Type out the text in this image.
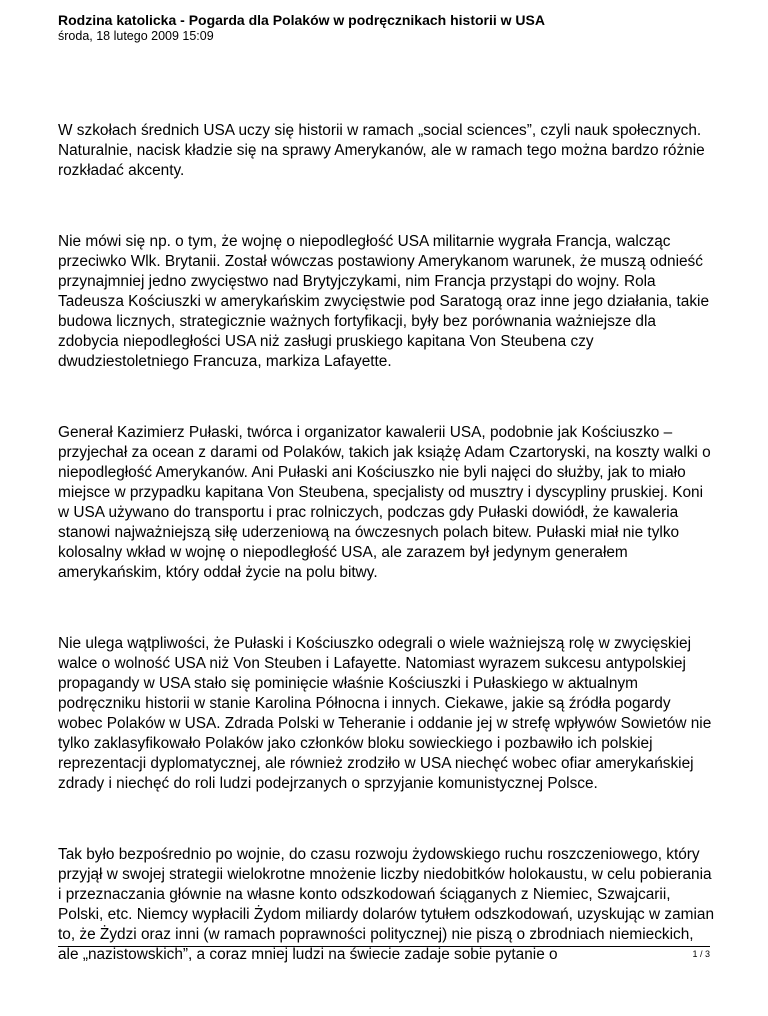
Rodzina katolicka - Pogarda dla Polaków w podręcznikach historii w USA
środa, 18 lutego 2009 15:09

W szkołach średnich USA uczy się historii w ramach „social sciences”, czyli nauk społecznych. Naturalnie, nacisk kładzie się na sprawy Amerykanów, ale w ramach tego można bardzo różnie rozkładać akcenty.

Nie mówi się np. o tym, że wojnę o niepodległość USA militarnie wygrała Francja, walcząc przeciwko Wlk. Brytanii. Został wówczas postawiony Amerykanom warunek, że muszą odnieść przynajmniej jedno zwycięstwo nad Brytyjczykami, nim Francja przystąpi do wojny. Rola Tadeusza Kościuszki w amerykańskim zwycięstwie pod Saratogą oraz inne jego działania, takie budowa licznych, strategicznie ważnych fortyfikacji, były bez porównania ważniejsze dla zdobycia niepodległości USA niż zasługi pruskiego kapitana Von Steubena czy dwudziestoletniego Francuza, markiza Lafayette.

Generał Kazimierz Pułaski, twórca i organizator kawalerii USA, podobnie jak Kościuszko – przyjechał za ocean z darami od Polaków, takich jak książę Adam Czartoryski, na koszty walki o niepodległość Amerykanów. Ani Pułaski ani Kościuszko nie byli najęci do służby, jak to miało miejsce w przypadku kapitana Von Steubena, specjalisty od musztry i dyscypliny pruskiej. Koni w USA używano do transportu i prac rolniczych, podczas gdy Pułaski dowiódł, że kawaleria stanowi najważniejszą siłę uderzeniową na ówczesnych polach bitew. Pułaski miał nie tylko kolosalny wkład w wojnę o niepodległość USA, ale zarazem był jedynym generałem amerykańskim, który oddał życie na polu bitwy.

Nie ulega wątpliwości, że Pułaski i Kościuszko odegrali o wiele ważniejszą rolę w zwycięskiej walce o wolność USA niż Von Steuben i Lafayette. Natomiast wyrazem sukcesu antypolskiej propagandy w USA stało się pominięcie właśnie Kościuszki i Pułaskiego w aktualnym podręczniku historii w stanie Karolina Północna i innych. Ciekawe, jakie są źródła pogardy wobec Polaków w USA. Zdrada Polski w Teheranie i oddanie jej w strefę wpływów Sowietów nie tylko zaklasyfikowało Polaków jako członków bloku sowieckiego i pozbawiło ich polskiej reprezentacji dyplomatycznej, ale również zrodziło w USA niechęć wobec ofiar amerykańskiej zdrady i niechęć do roli ludzi podejrzanych o sprzyjanie komunistycznej Polsce.

Tak było bezpośrednio po wojnie, do czasu rozwoju żydowskiego ruchu roszczeniowego, który przyjął w swojej strategii wielokrotne mnożenie liczby niedobitków holokaustu, w celu pobierania i przeznaczania głównie na własne konto odszkodowań ściąganych z Niemiec, Szwajcarii, Polski, etc. Niemcy wypłacili Żydom miliardy dolarów tytułem odszkodowań, uzyskując w zamian to, że Żydzi oraz inni (w ramach poprawności politycznej) nie piszą o zbrodniach niemieckich, ale „nazistowskich”, a coraz mniej ludzi na świecie zadaje sobie pytanie o	1 / 3
